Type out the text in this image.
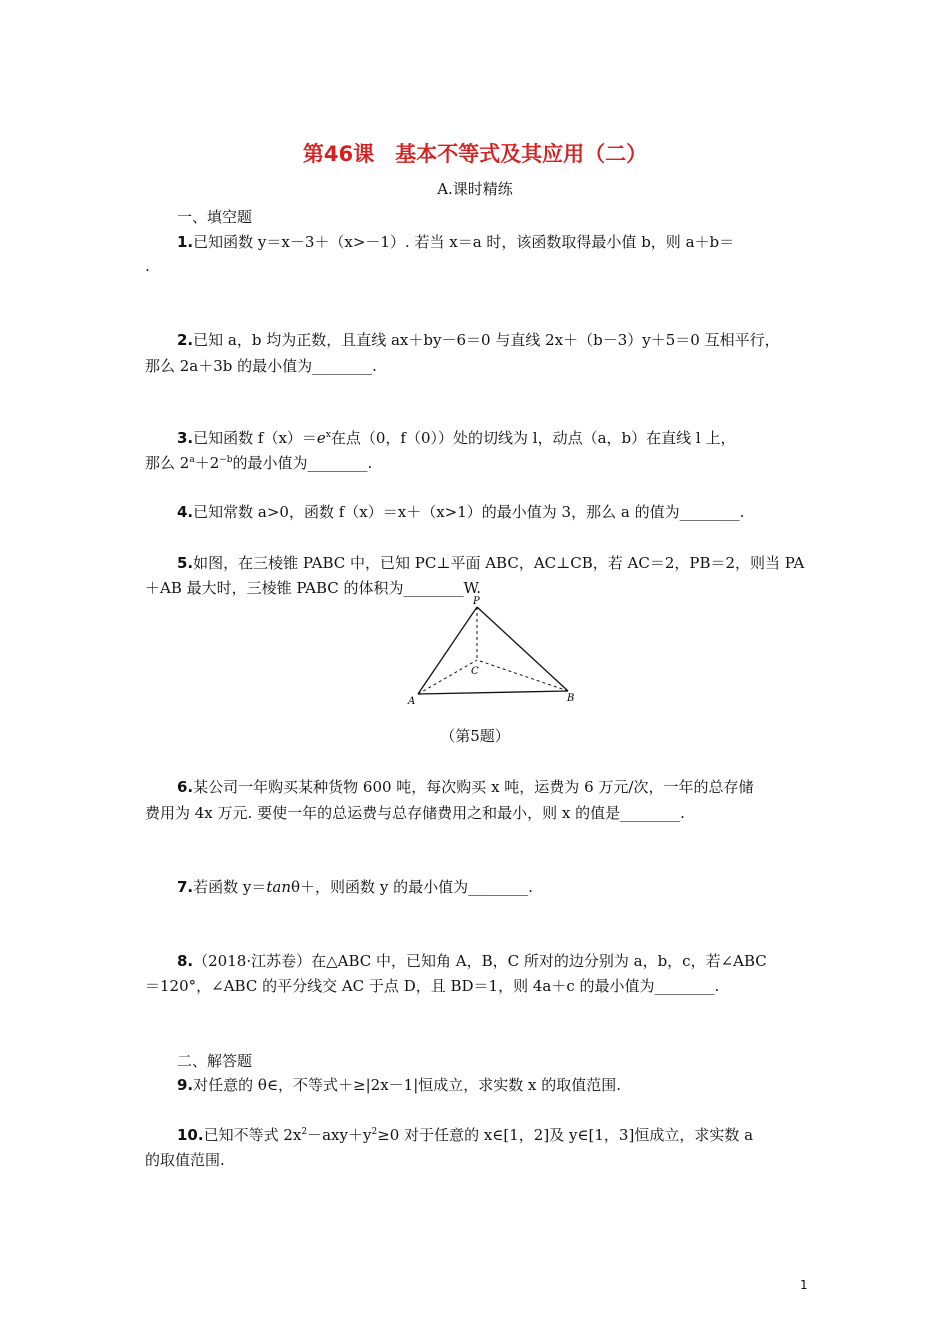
第46课　基本不等式及其应用（二）
A.课时精练
一、填空题
1.已知函数 y＝x－3＋（x>－1）. 若当 x＝a 时，该函数取得最小值 b，则 a＋b＝
.
2.已知 a，b 均为正数，且直线 ax＋by－6＝0 与直线 2x＋（b－3）y＋5＝0 互相平行，
那么 2a＋3b 的最小值为________.
3.已知函数 $f(x)=e^x$在点（0，f（0））处的切线为 l，动点（a，b）在直线 l 上，
那么 $2^a+2^{-b}$的最小值为________.
4.已知常数 a>0，函数 f（x）＝x＋（x>1）的最小值为 3，那么 a 的值为________.
5.如图，在三棱锥 PABC 中，已知 PC⊥平面 ABC，AC⊥CB，若 AC＝2，PB＝2，则当 PA
＋AB 最大时，三棱锥 PABC 的体积为________W.
P
C
A	B
（第5题）
6.某公司一年购买某种货物 600 吨，每次购买 x 吨，运费为 6 万元/次，一年的总存储
费用为 4x 万元. 要使一年的总运费与总存储费用之和最小，则 x 的值是________.
7.若函数 y＝tanθ＋，则函数 y 的最小值为________.
8.（2018·江苏卷）在△ABC 中，已知角 A，B，C 所对的边分别为 a，b，c，若∠ABC
＝120°，∠ABC 的平分线交 AC 于点 D，且 BD＝1，则 4a＋c 的最小值为________.
二、解答题
9.对任意的 θ∈，不等式＋≥|2x－1|恒成立，求实数 x 的取值范围.
10.已知不等式 $2x^2-axy+y^2\ge 0$ 对于任意的 x∈[1，2]及 y∈[1，3]恒成立，求实数 a
的取值范围.
1
